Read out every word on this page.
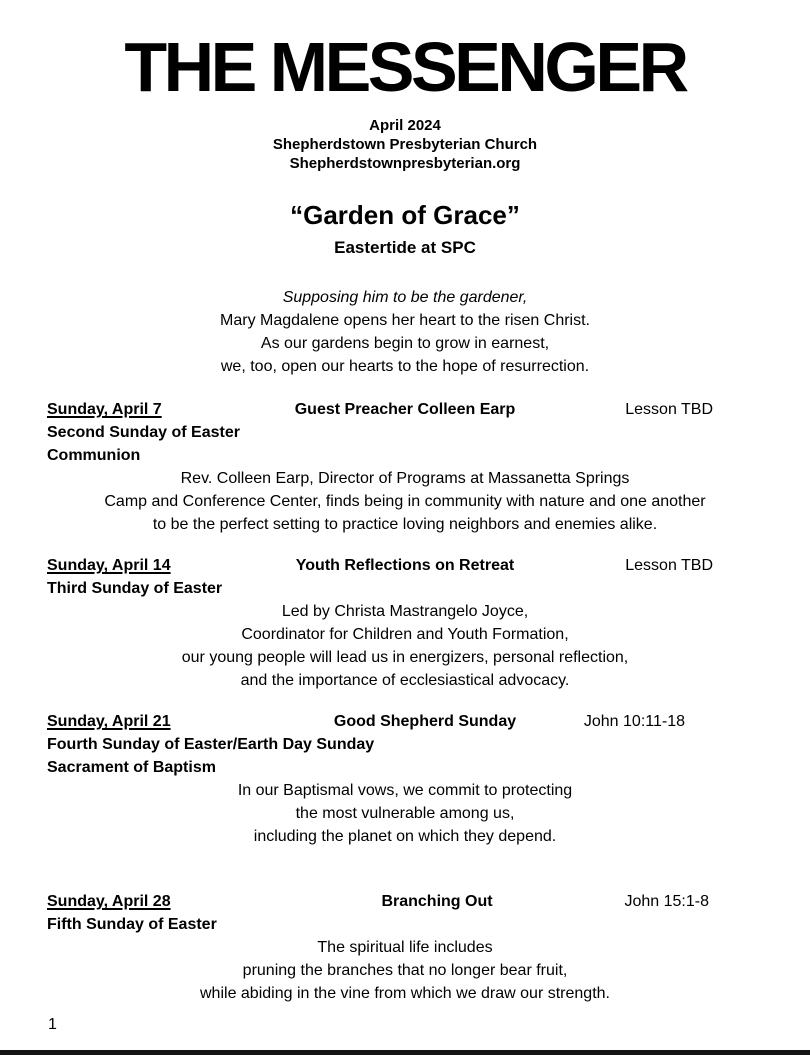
THE MESSENGER
April 2024
Shepherdstown Presbyterian Church
Shepherdstownpresbyterian.org
“Garden of Grace”
Eastertide at SPC
Supposing him to be the gardener,
Mary Magdalene opens her heart to the risen Christ.
As our gardens begin to grow in earnest,
we, too, open our hearts to the hope of resurrection.
Sunday, April 7	Guest Preacher Colleen Earp	Lesson TBD
Second Sunday of Easter
Communion
Rev. Colleen Earp, Director of Programs at Massanetta Springs
Camp and Conference Center, finds being in community with nature and one another
to be the perfect setting to practice loving neighbors and enemies alike.
Sunday, April 14	Youth Reflections on Retreat	Lesson TBD
Third Sunday of Easter
Led by Christa Mastrangelo Joyce,
Coordinator for Children and Youth Formation,
our young people will lead us in energizers, personal reflection,
and the importance of ecclesiastical advocacy.
Sunday, April 21	Good Shepherd Sunday	John 10:11-18
Fourth Sunday of Easter/Earth Day Sunday
Sacrament of Baptism
In our Baptismal vows, we commit to protecting
the most vulnerable among us,
including the planet on which they depend.
Sunday, April 28	Branching Out	John 15:1-8
Fifth Sunday of Easter
The spiritual life includes
pruning the branches that no longer bear fruit,
while abiding in the vine from which we draw our strength.
1
